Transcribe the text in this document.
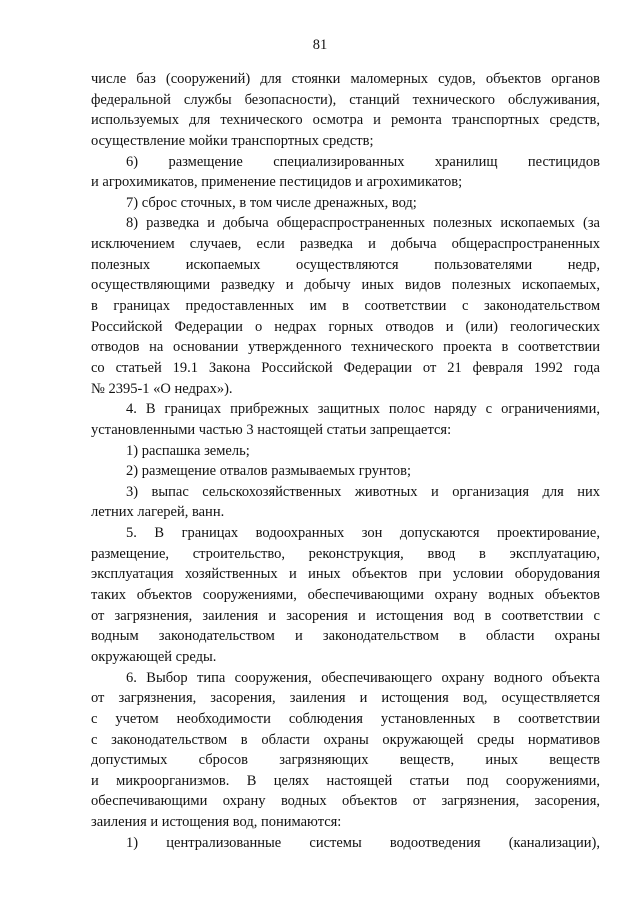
81
числе баз (сооружений) для стоянки маломерных судов, объектов органов
федеральной службы безопасности), станций технического обслуживания,
используемых для технического осмотра и ремонта транспортных средств,
осуществление мойки транспортных средств;
6) размещение специализированных хранилищ пестицидов
и агрохимикатов, применение пестицидов и агрохимикатов;
7) сброс сточных, в том числе дренажных, вод;
8) разведка и добыча общераспространенных полезных ископаемых (за
исключением случаев, если разведка и добыча общераспространенных
полезных ископаемых осуществляются пользователями недр,
осуществляющими разведку и добычу иных видов полезных ископаемых,
в границах предоставленных им в соответствии с законодательством
Российской Федерации о недрах горных отводов и (или) геологических
отводов на основании утвержденного технического проекта в соответствии
со статьей 19.1 Закона Российской Федерации от 21 февраля 1992 года
№ 2395-1 «О недрах»).
4. В границах прибрежных защитных полос наряду с ограничениями,
установленными частью 3 настоящей статьи запрещается:
1) распашка земель;
2) размещение отвалов размываемых грунтов;
3) выпас сельскохозяйственных животных и организация для них
летних лагерей, ванн.
5. В границах водоохранных зон допускаются проектирование,
размещение, строительство, реконструкция, ввод в эксплуатацию,
эксплуатация хозяйственных и иных объектов при условии оборудования
таких объектов сооружениями, обеспечивающими охрану водных объектов
от загрязнения, заиления и засорения и истощения вод в соответствии с
водным законодательством и законодательством в области охраны
окружающей среды.
6. Выбор типа сооружения, обеспечивающего охрану водного объекта
от загрязнения, засорения, заиления и истощения вод, осуществляется
с учетом необходимости соблюдения установленных в соответствии
с законодательством в области охраны окружающей среды нормативов
допустимых сбросов загрязняющих веществ, иных веществ
и микроорганизмов. В целях настоящей статьи под сооружениями,
обеспечивающими охрану водных объектов от загрязнения, засорения,
заиления и истощения вод, понимаются:
1) централизованные системы водоотведения (канализации),
